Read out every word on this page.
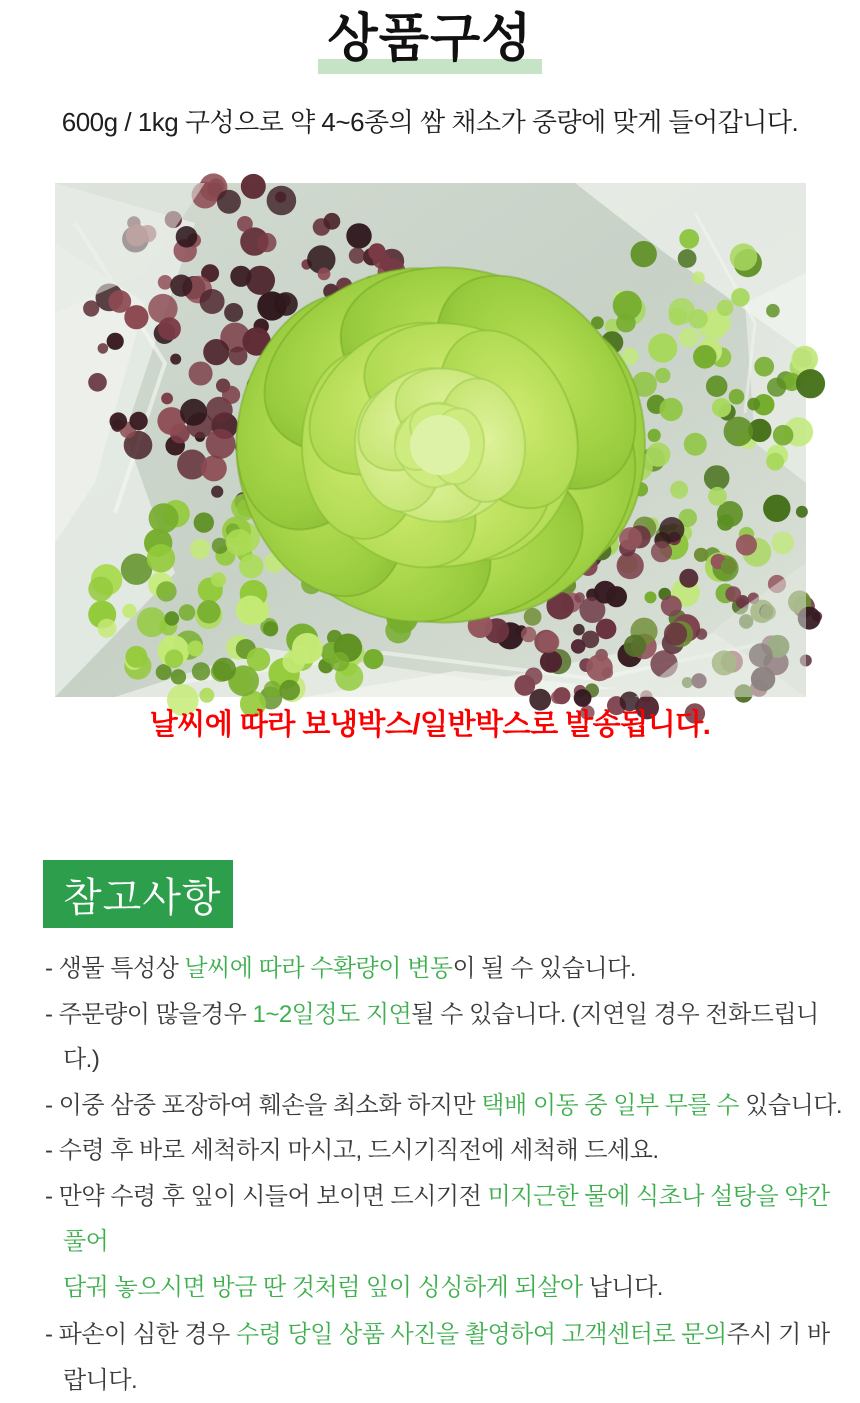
상품구성
600g / 1kg 구성으로 약 4~6종의 쌈 채소가 중량에 맞게 들어갑니다.
날씨에 따라 보냉박스/일반박스로 발송됩니다.
참고사항
- 생물 특성상 날씨에 따라 수확량이 변동이 될 수 있습니다.
- 주문량이 많을경우 1~2일정도 지연될 수 있습니다. (지연일 경우 전화드립니다.)
- 이중 삼중 포장하여 훼손을 최소화 하지만 택배 이동 중 일부 무를 수 있습니다.
- 수령 후 바로 세척하지 마시고, 드시기직전에 세척해 드세요.
- 만약 수령 후 잎이 시들어 보이면 드시기전 미지근한 물에 식초나 설탕을 약간 풀어
담궈 놓으시면 방금 딴 것처럼 잎이 싱싱하게 되살아 납니다.
- 파손이 심한 경우 수령 당일 상품 사진을 촬영하여 고객센터로 문의주시 기 바랍니다.
